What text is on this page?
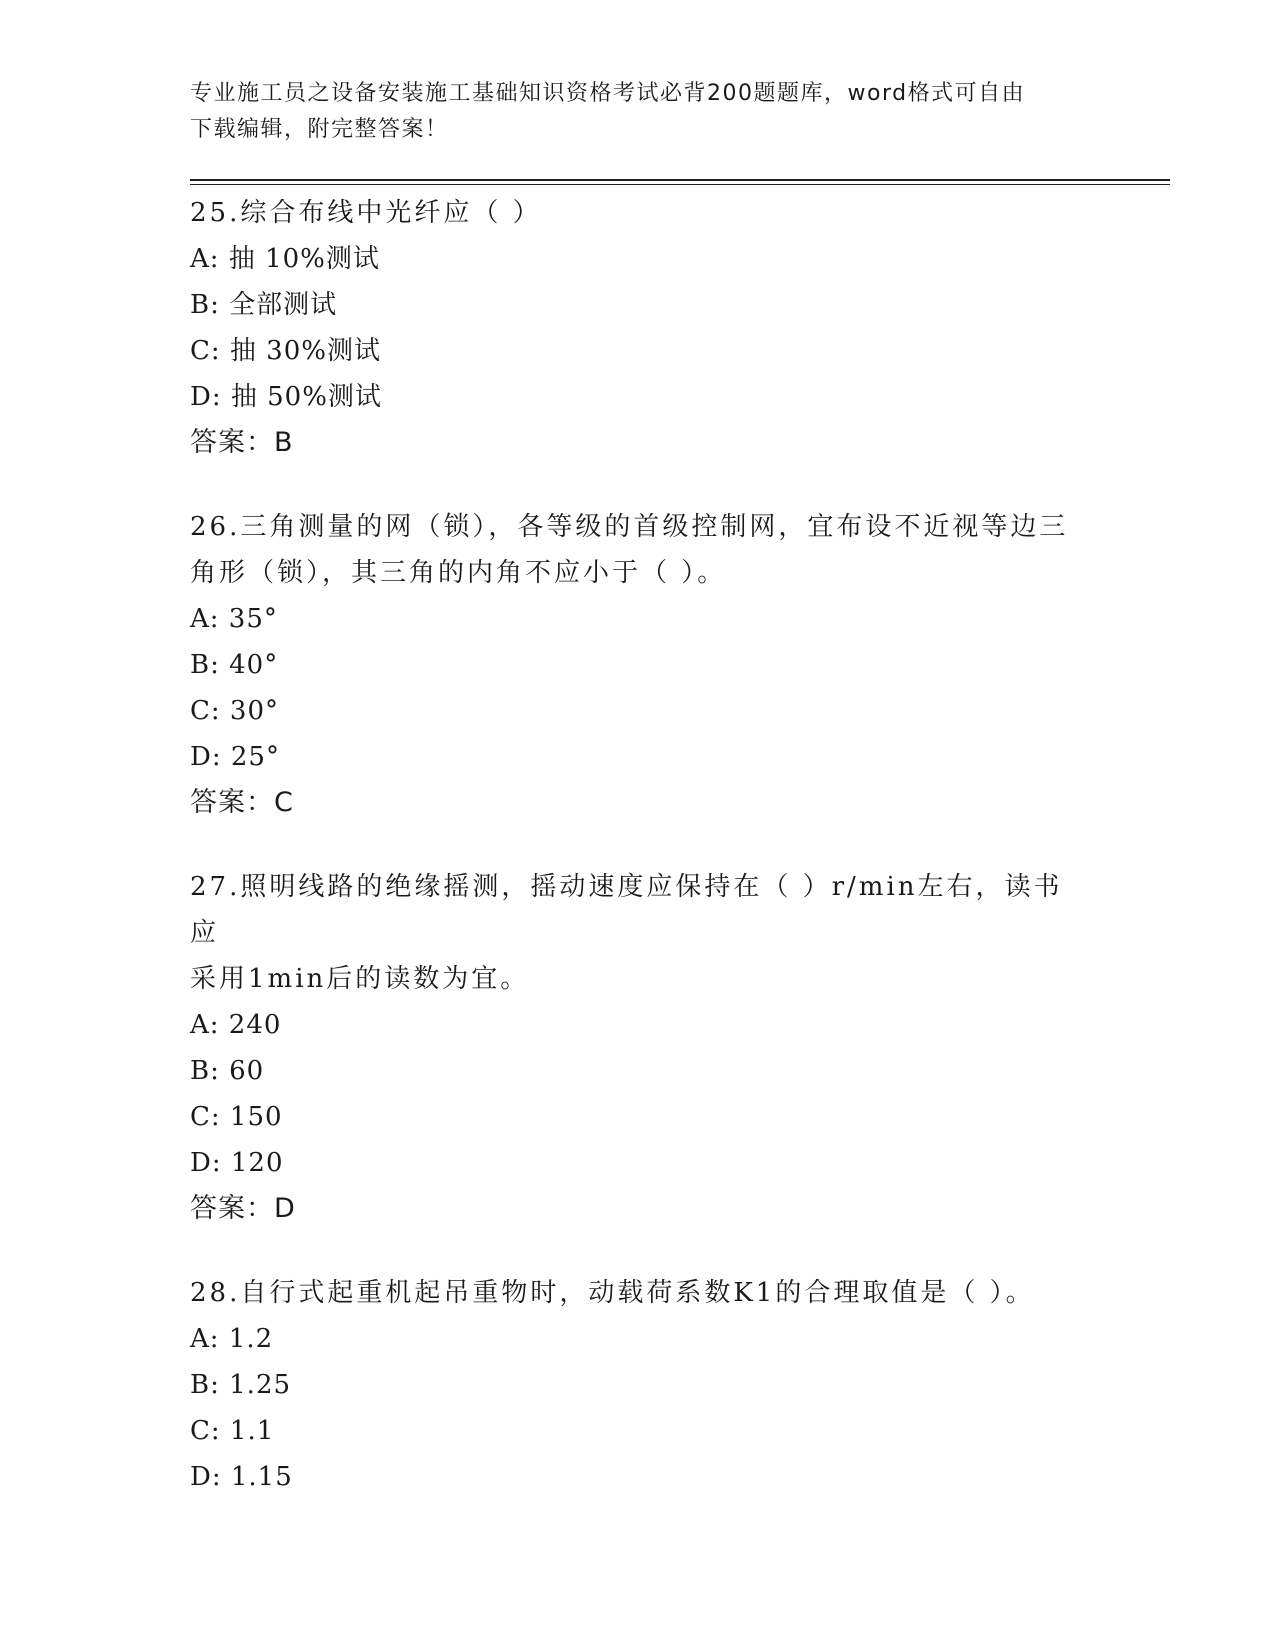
专业施工员之设备安装施工基础知识资格考试必背200题题库，word格式可自由
下载编辑，附完整答案！

25.综合布线中光纤应（ ）

A: 抽 10%测试

B: 全部测试

C: 抽 30%测试

D: 抽 50%测试

答案：B

26.三角测量的网（锁），各等级的首级控制网，宜布设不近视等边三

角形（锁），其三角的内角不应小于（ ）。

A: 35°

B: 40°

C: 30°

D: 25°

答案：C

27.照明线路的绝缘摇测，摇动速度应保持在（ ）r/min左右，读书应

采用1min后的读数为宜。

A: 240

B: 60

C: 150

D: 120

答案：D

28.自行式起重机起吊重物时，动载荷系数K1的合理取值是（ ）。

A: 1.2

B: 1.25

C: 1.1

D: 1.15
